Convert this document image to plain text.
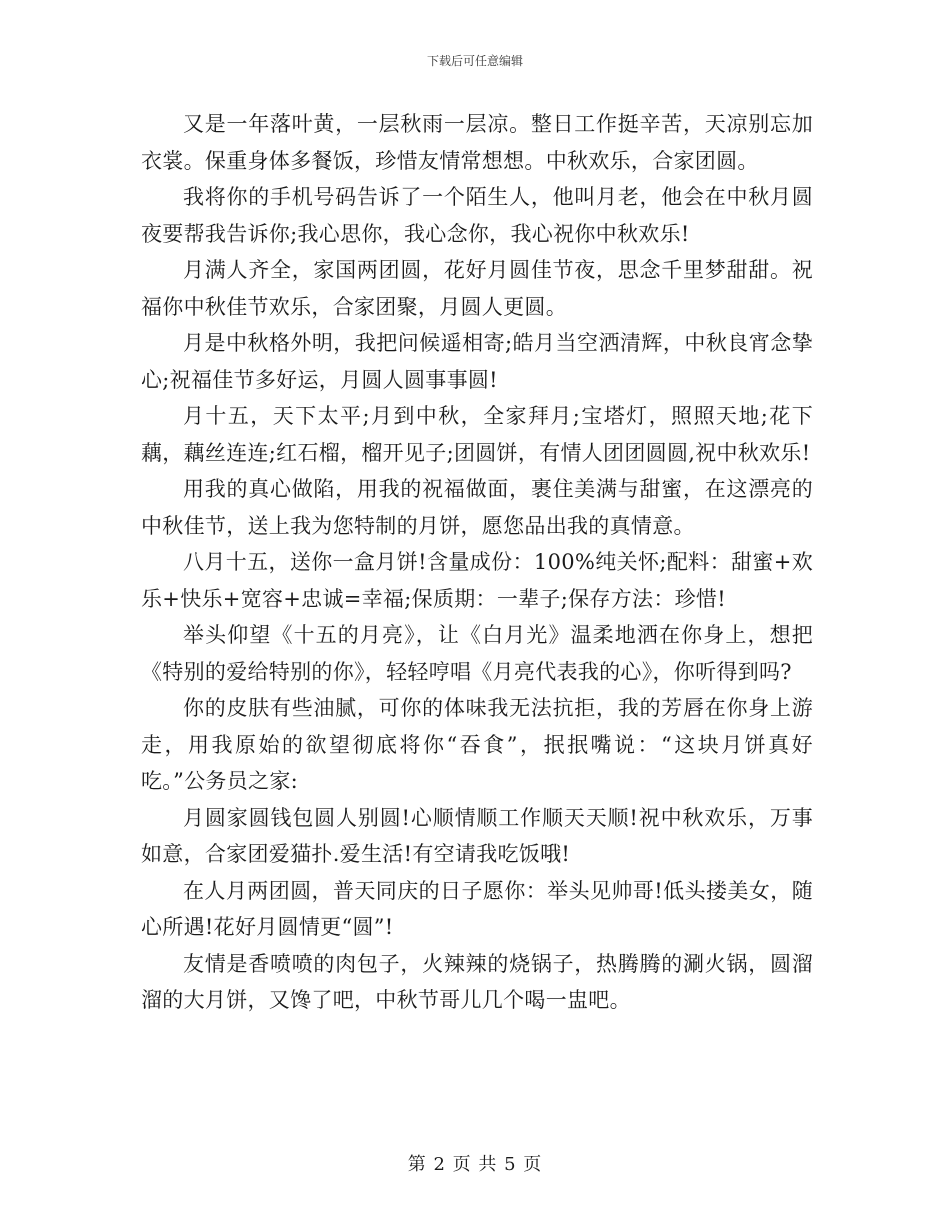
下载后可任意编辑

又是一年落叶黄，一层秋雨一层凉。整日工作挺辛苦，天凉别忘加衣裳。保重身体多餐饭，珍惜友情常想想。中秋欢乐，合家团圆。

我将你的手机号码告诉了一个陌生人，他叫月老，他会在中秋月圆夜要帮我告诉你;我心思你，我心念你，我心祝你中秋欢乐!

月满人齐全，家国两团圆，花好月圆佳节夜，思念千里梦甜甜。祝福你中秋佳节欢乐，合家团聚，月圆人更圆。

月是中秋格外明，我把问候遥相寄;皓月当空洒清辉，中秋良宵念挚心;祝福佳节多好运，月圆人圆事事圆!

月十五，天下太平;月到中秋，全家拜月;宝塔灯，照照天地;花下藕，藕丝连连;红石榴，榴开见子;团圆饼，有情人团团圆圆,祝中秋欢乐!

用我的真心做陷，用我的祝福做面，裹住美满与甜蜜，在这漂亮的中秋佳节，送上我为您特制的月饼，愿您品出我的真情意。

八月十五，送你一盒月饼!含量成份：100%纯关怀;配料：甜蜜+欢乐+快乐+宽容+忠诚=幸福;保质期：一辈子;保存方法：珍惜!

举头仰望《十五的月亮》，让《白月光》温柔地洒在你身上，想把《特别的爱给特别的你》，轻轻哼唱《月亮代表我的心》，你听得到吗?

你的皮肤有些油腻，可你的体味我无法抗拒，我的芳唇在你身上游走，用我原始的欲望彻底将你“吞食”，抿抿嘴说：“这块月饼真好吃。”公务员之家:

月圆家圆钱包圆人别圆!心顺情顺工作顺天天顺!祝中秋欢乐，万事如意，合家团爱猫扑.爱生活!有空请我吃饭哦!

在人月两团圆，普天同庆的日子愿你：举头见帅哥!低头搂美女，随心所遇!花好月圆情更“圆”!

友情是香喷喷的肉包子，火辣辣的烧锅子，热腾腾的涮火锅，圆溜溜的大月饼，又馋了吧，中秋节哥儿几个喝一盅吧。

第 2 页 共 5 页
